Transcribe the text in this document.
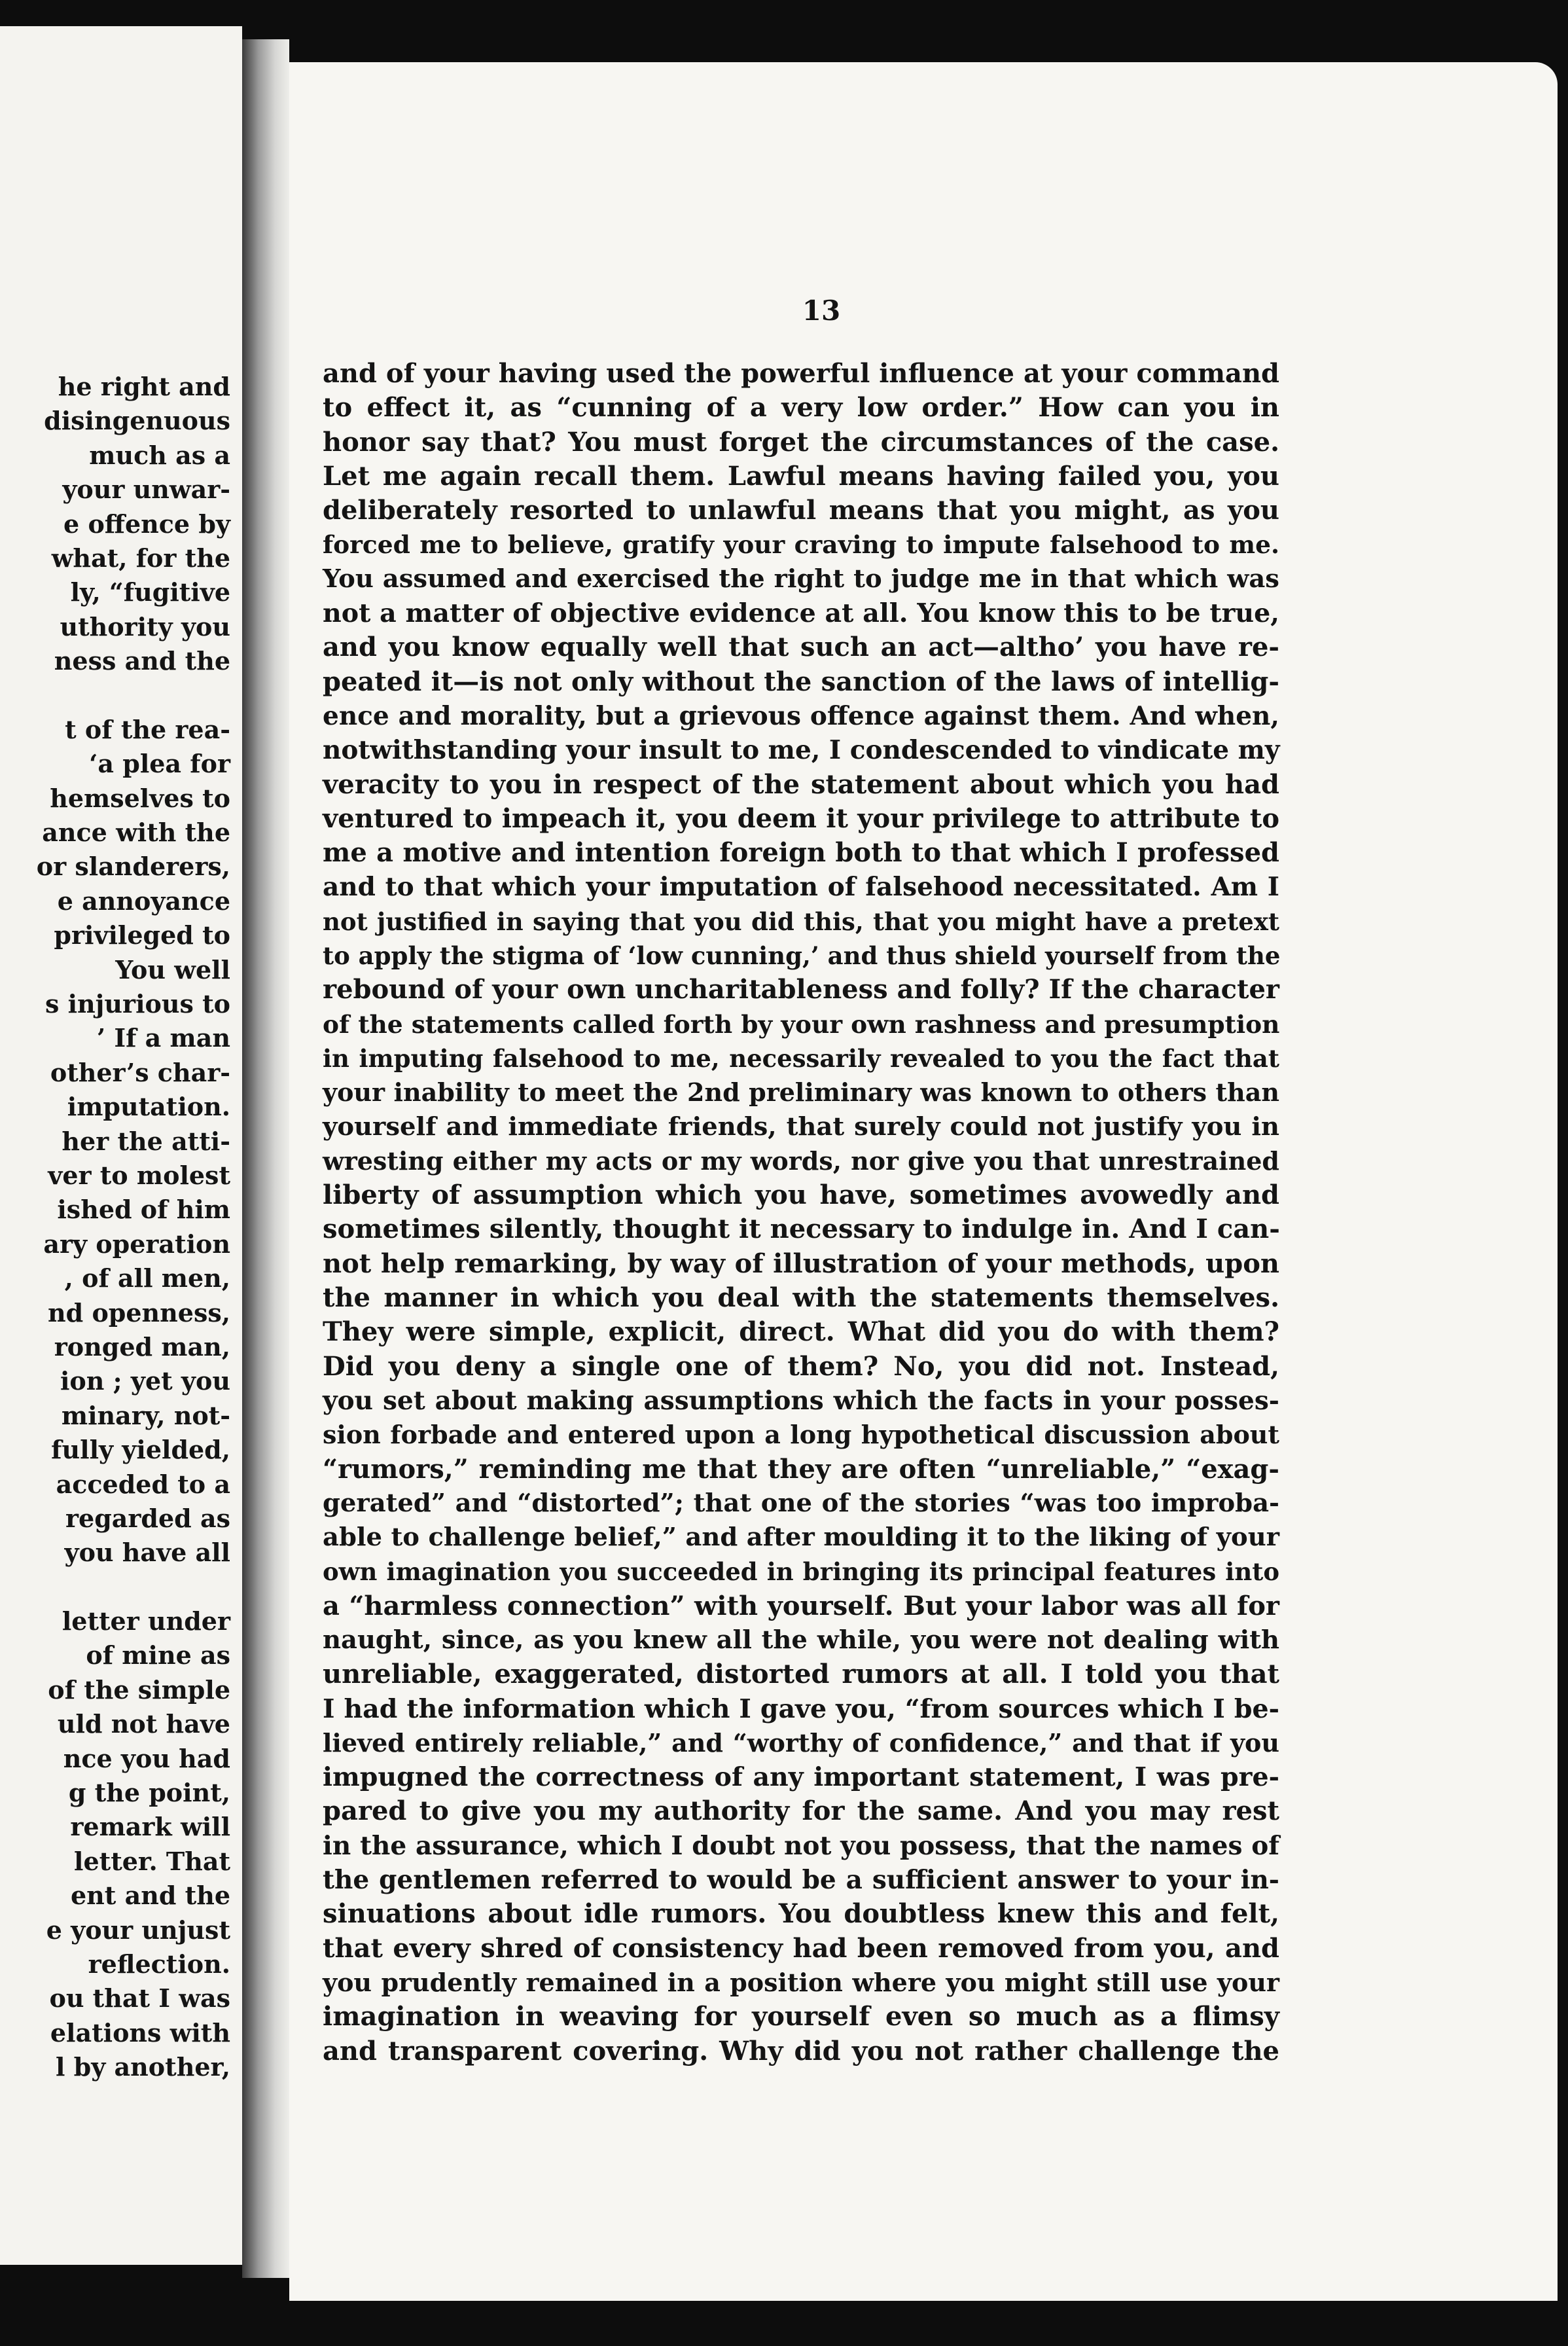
he right and
disingenuous
much as a
your unwar-
e offence by
what, for the
ly, “fugitive
uthority you
ness and the
t of the rea-
‘a plea for
hemselves to
ance with the
or slanderers,
e annoyance
privileged to
You well
s injurious to
’ If a man
other’s char-
imputation.
her the atti-
ver to molest
ished of him
ary operation
, of all men,
nd openness,
ronged man,
ion ; yet you
minary, not-
fully yielded,
acceded to a
regarded as
you have all
letter under
of mine as
of the simple
uld not have
nce you had
g the point,
remark will
letter. That
ent and the
e your unjust
reflection.
ou that I was
elations with
l by another,
13
and of your having used the powerful influence at your command
to effect it, as “cunning of a very low order.” How can you in
honor say that? You must forget the circumstances of the case.
Let me again recall them. Lawful means having failed you, you
deliberately resorted to unlawful means that you might, as you
forced me to believe, gratify your craving to impute falsehood to me.
You assumed and exercised the right to judge me in that which was
not a matter of objective evidence at all. You know this to be true,
and you know equally well that such an act—altho’ you have re-
peated it—is not only without the sanction of the laws of intellig-
ence and morality, but a grievous offence against them. And when,
notwithstanding your insult to me, I condescended to vindicate my
veracity to you in respect of the statement about which you had
ventured to impeach it, you deem it your privilege to attribute to
me a motive and intention foreign both to that which I professed
and to that which your imputation of falsehood necessitated. Am I
not justified in saying that you did this, that you might have a pretext
to apply the stigma of ‘low cunning,’ and thus shield yourself from the
rebound of your own uncharitableness and folly? If the character
of the statements called forth by your own rashness and presumption
in imputing falsehood to me, necessarily revealed to you the fact that
your inability to meet the 2nd preliminary was known to others than
yourself and immediate friends, that surely could not justify you in
wresting either my acts or my words, nor give you that unrestrained
liberty of assumption which you have, sometimes avowedly and
sometimes silently, thought it necessary to indulge in. And I can-
not help remarking, by way of illustration of your methods, upon
the manner in which you deal with the statements themselves.
They were simple, explicit, direct. What did you do with them?
Did you deny a single one of them? No, you did not. Instead,
you set about making assumptions which the facts in your posses-
sion forbade and entered upon a long hypothetical discussion about
“rumors,” reminding me that they are often “unreliable,” “exag-
gerated” and “distorted”; that one of the stories “was too improba-
able to challenge belief,” and after moulding it to the liking of your
own imagination you succeeded in bringing its principal features into
a “harmless connection” with yourself. But your labor was all for
naught, since, as you knew all the while, you were not dealing with
unreliable, exaggerated, distorted rumors at all. I told you that
I had the information which I gave you, “from sources which I be-
lieved entirely reliable,” and “worthy of confidence,” and that if you
impugned the correctness of any important statement, I was pre-
pared to give you my authority for the same. And you may rest
in the assurance, which I doubt not you possess, that the names of
the gentlemen referred to would be a sufficient answer to your in-
sinuations about idle rumors. You doubtless knew this and felt,
that every shred of consistency had been removed from you, and
you prudently remained in a position where you might still use your
imagination in weaving for yourself even so much as a flimsy
and transparent covering. Why did you not rather challenge the
